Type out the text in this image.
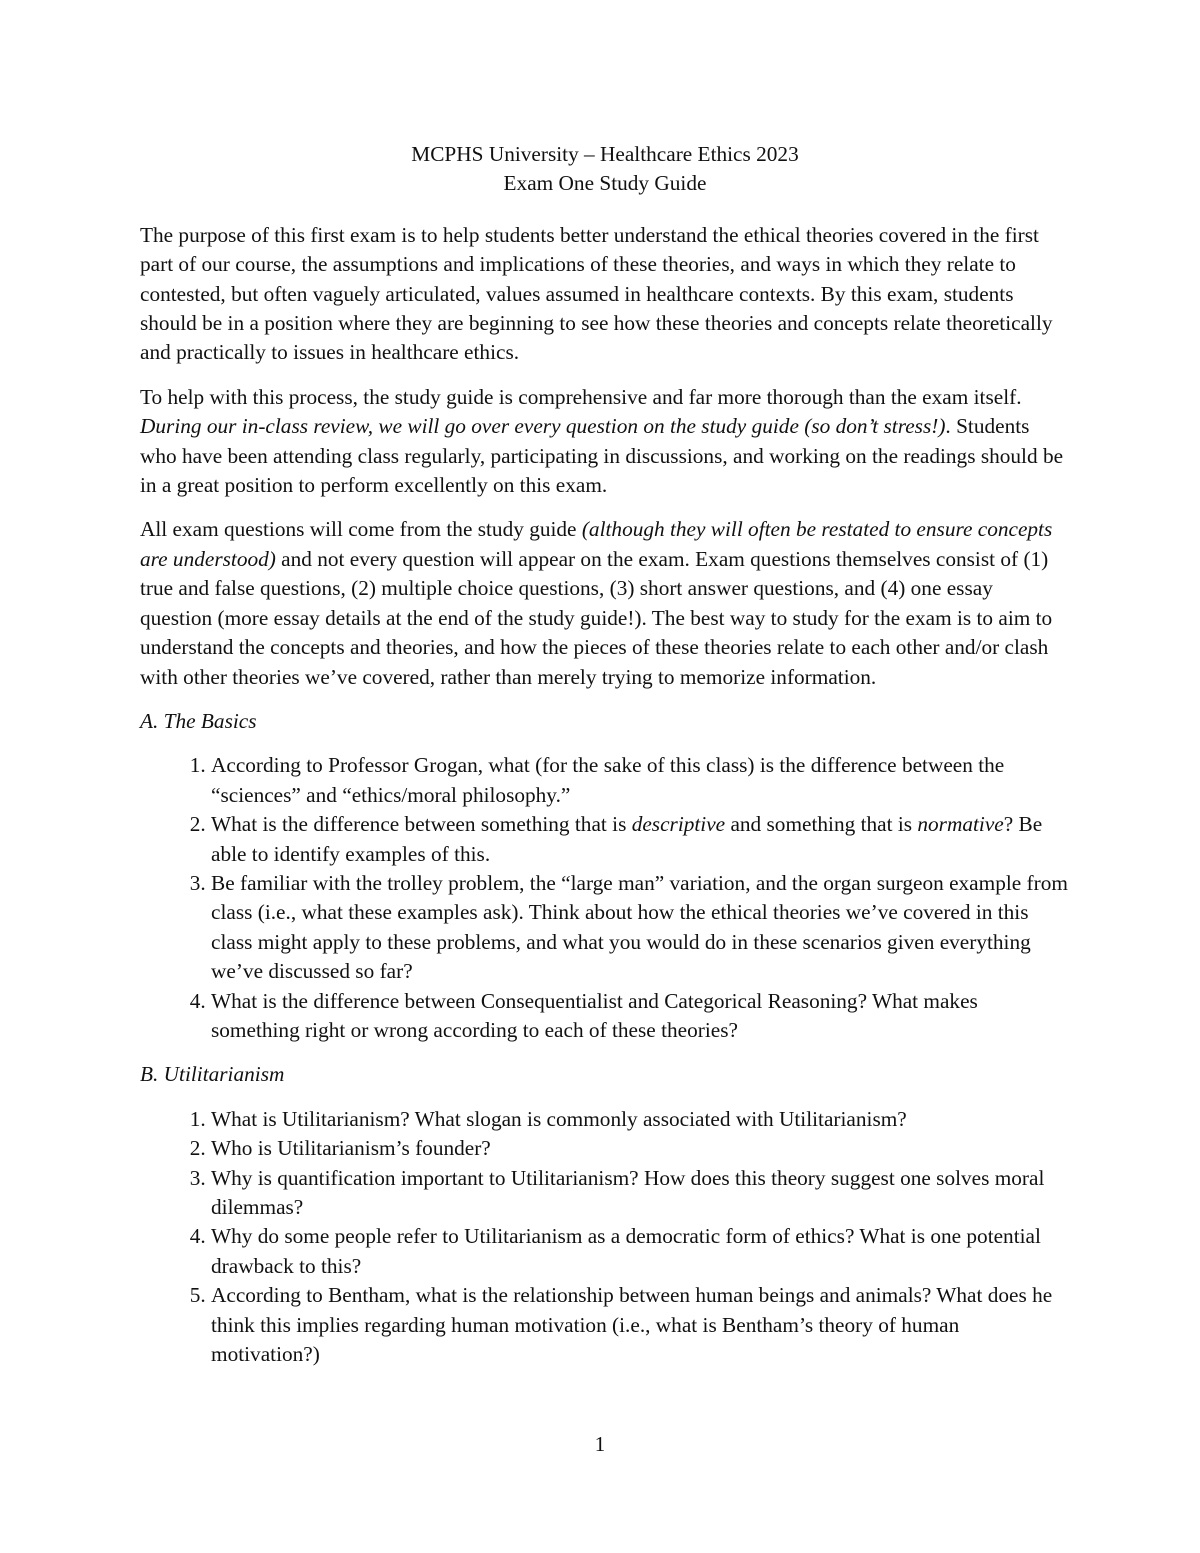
MCPHS University – Healthcare Ethics 2023
Exam One Study Guide

The purpose of this first exam is to help students better understand the ethical theories covered in the first part of our course, the assumptions and implications of these theories, and ways in which they relate to contested, but often vaguely articulated, values assumed in healthcare contexts. By this exam, students should be in a position where they are beginning to see how these theories and concepts relate theoretically and practically to issues in healthcare ethics.

To help with this process, the study guide is comprehensive and far more thorough than the exam itself. During our in-class review, we will go over every question on the study guide (so don’t stress!). Students who have been attending class regularly, participating in discussions, and working on the readings should be in a great position to perform excellently on this exam.

All exam questions will come from the study guide (although they will often be restated to ensure concepts are understood) and not every question will appear on the exam. Exam questions themselves consist of (1) true and false questions, (2) multiple choice questions, (3) short answer questions, and (4) one essay question (more essay details at the end of the study guide!). The best way to study for the exam is to aim to understand the concepts and theories, and how the pieces of these theories relate to each other and/or clash with other theories we’ve covered, rather than merely trying to memorize information.

A. The Basics
1. According to Professor Grogan, what (for the sake of this class) is the difference between the “sciences” and “ethics/moral philosophy.”
2. What is the difference between something that is descriptive and something that is normative? Be able to identify examples of this.
3. Be familiar with the trolley problem, the “large man” variation, and the organ surgeon example from class (i.e., what these examples ask). Think about how the ethical theories we’ve covered in this class might apply to these problems, and what you would do in these scenarios given everything we’ve discussed so far?
4. What is the difference between Consequentialist and Categorical Reasoning? What makes something right or wrong according to each of these theories?
B. Utilitarianism
1. What is Utilitarianism? What slogan is commonly associated with Utilitarianism?
2. Who is Utilitarianism’s founder?
3. Why is quantification important to Utilitarianism? How does this theory suggest one solves moral dilemmas?
4. Why do some people refer to Utilitarianism as a democratic form of ethics? What is one potential drawback to this?
5. According to Bentham, what is the relationship between human beings and animals? What does he think this implies regarding human motivation (i.e., what is Bentham’s theory of human motivation?)
1
